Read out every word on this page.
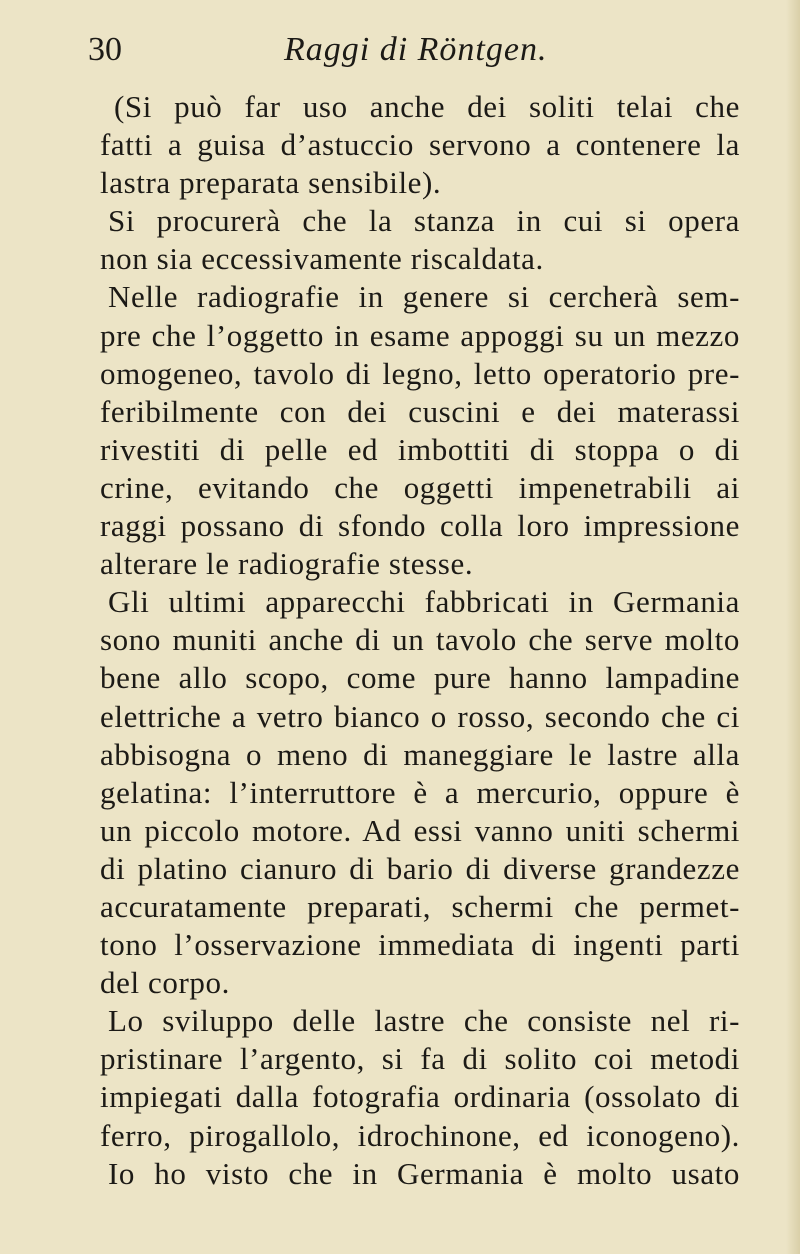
30	Raggi di Röntgen.
(Si può far uso anche dei soliti telai che
fatti a guisa d’astuccio servono a contenere la
lastra preparata sensibile).
Si procurerà che la stanza in cui si opera
non sia eccessivamente riscaldata.
Nelle radiografie in genere si cercherà sem-
pre che l’oggetto in esame appoggi su un mezzo
omogeneo, tavolo di legno, letto operatorio pre-
feribilmente con dei cuscini e dei materassi
rivestiti di pelle ed imbottiti di stoppa o di
crine, evitando che oggetti impenetrabili ai
raggi possano di sfondo colla loro impressione
alterare le radiografie stesse.
Gli ultimi apparecchi fabbricati in Germania
sono muniti anche di un tavolo che serve molto
bene allo scopo, come pure hanno lampadine
elettriche a vetro bianco o rosso, secondo che ci
abbisogna o meno di maneggiare le lastre alla
gelatina: l’interruttore è a mercurio, oppure è
un piccolo motore. Ad essi vanno uniti schermi
di platino cianuro di bario di diverse grandezze
accuratamente preparati, schermi che permet-
tono l’osservazione immediata di ingenti parti
del corpo.
Lo sviluppo delle lastre che consiste nel ri-
pristinare l’argento, si fa di solito coi metodi
impiegati dalla fotografia ordinaria (ossolato di
ferro, pirogallolo, idrochinone, ed iconogeno).
Io ho visto che in Germania è molto usato
